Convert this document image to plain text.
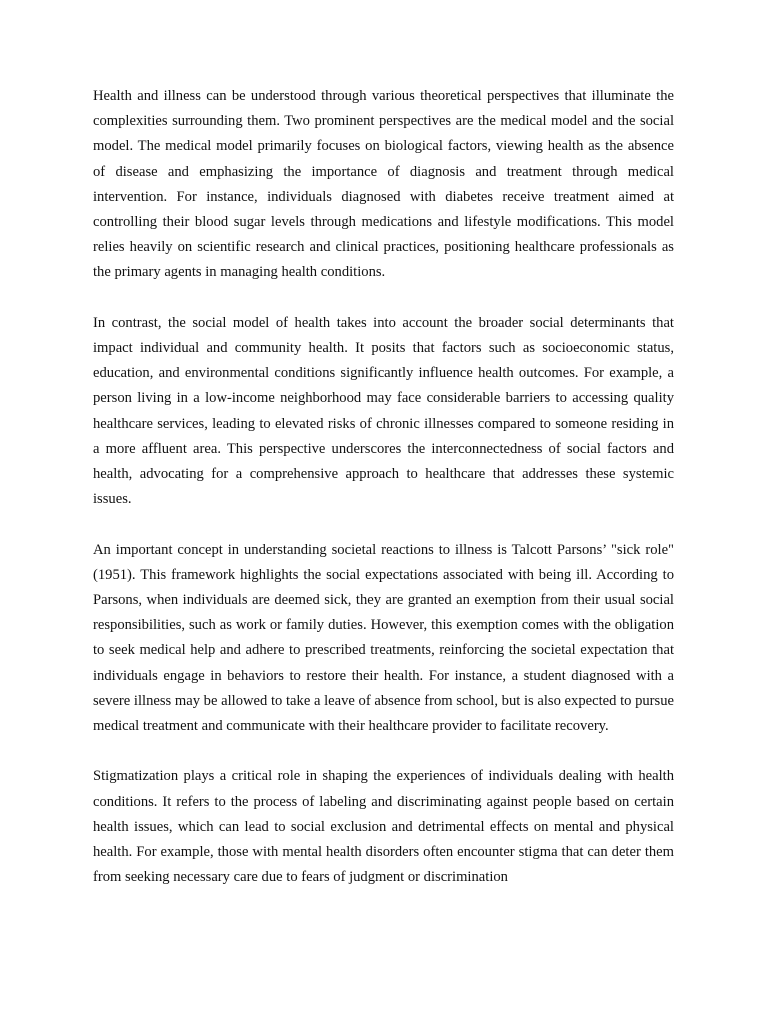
Health and illness can be understood through various theoretical perspectives that illuminate the complexities surrounding them. Two prominent perspectives are the medical model and the social model. The medical model primarily focuses on biological factors, viewing health as the absence of disease and emphasizing the importance of diagnosis and treatment through medical intervention. For instance, individuals diagnosed with diabetes receive treatment aimed at controlling their blood sugar levels through medications and lifestyle modifications. This model relies heavily on scientific research and clinical practices, positioning healthcare professionals as the primary agents in managing health conditions.

In contrast, the social model of health takes into account the broader social determinants that impact individual and community health. It posits that factors such as socioeconomic status, education, and environmental conditions significantly influence health outcomes. For example, a person living in a low-income neighborhood may face considerable barriers to accessing quality healthcare services, leading to elevated risks of chronic illnesses compared to someone residing in a more affluent area. This perspective underscores the interconnectedness of social factors and health, advocating for a comprehensive approach to healthcare that addresses these systemic issues.

An important concept in understanding societal reactions to illness is Talcott Parsons’ "sick role" (1951). This framework highlights the social expectations associated with being ill. According to Parsons, when individuals are deemed sick, they are granted an exemption from their usual social responsibilities, such as work or family duties. However, this exemption comes with the obligation to seek medical help and adhere to prescribed treatments, reinforcing the societal expectation that individuals engage in behaviors to restore their health. For instance, a student diagnosed with a severe illness may be allowed to take a leave of absence from school, but is also expected to pursue medical treatment and communicate with their healthcare provider to facilitate recovery.

Stigmatization plays a critical role in shaping the experiences of individuals dealing with health conditions. It refers to the process of labeling and discriminating against people based on certain health issues, which can lead to social exclusion and detrimental effects on mental and physical health. For example, those with mental health disorders often encounter stigma that can deter them from seeking necessary care due to fears of judgment or discrimination
